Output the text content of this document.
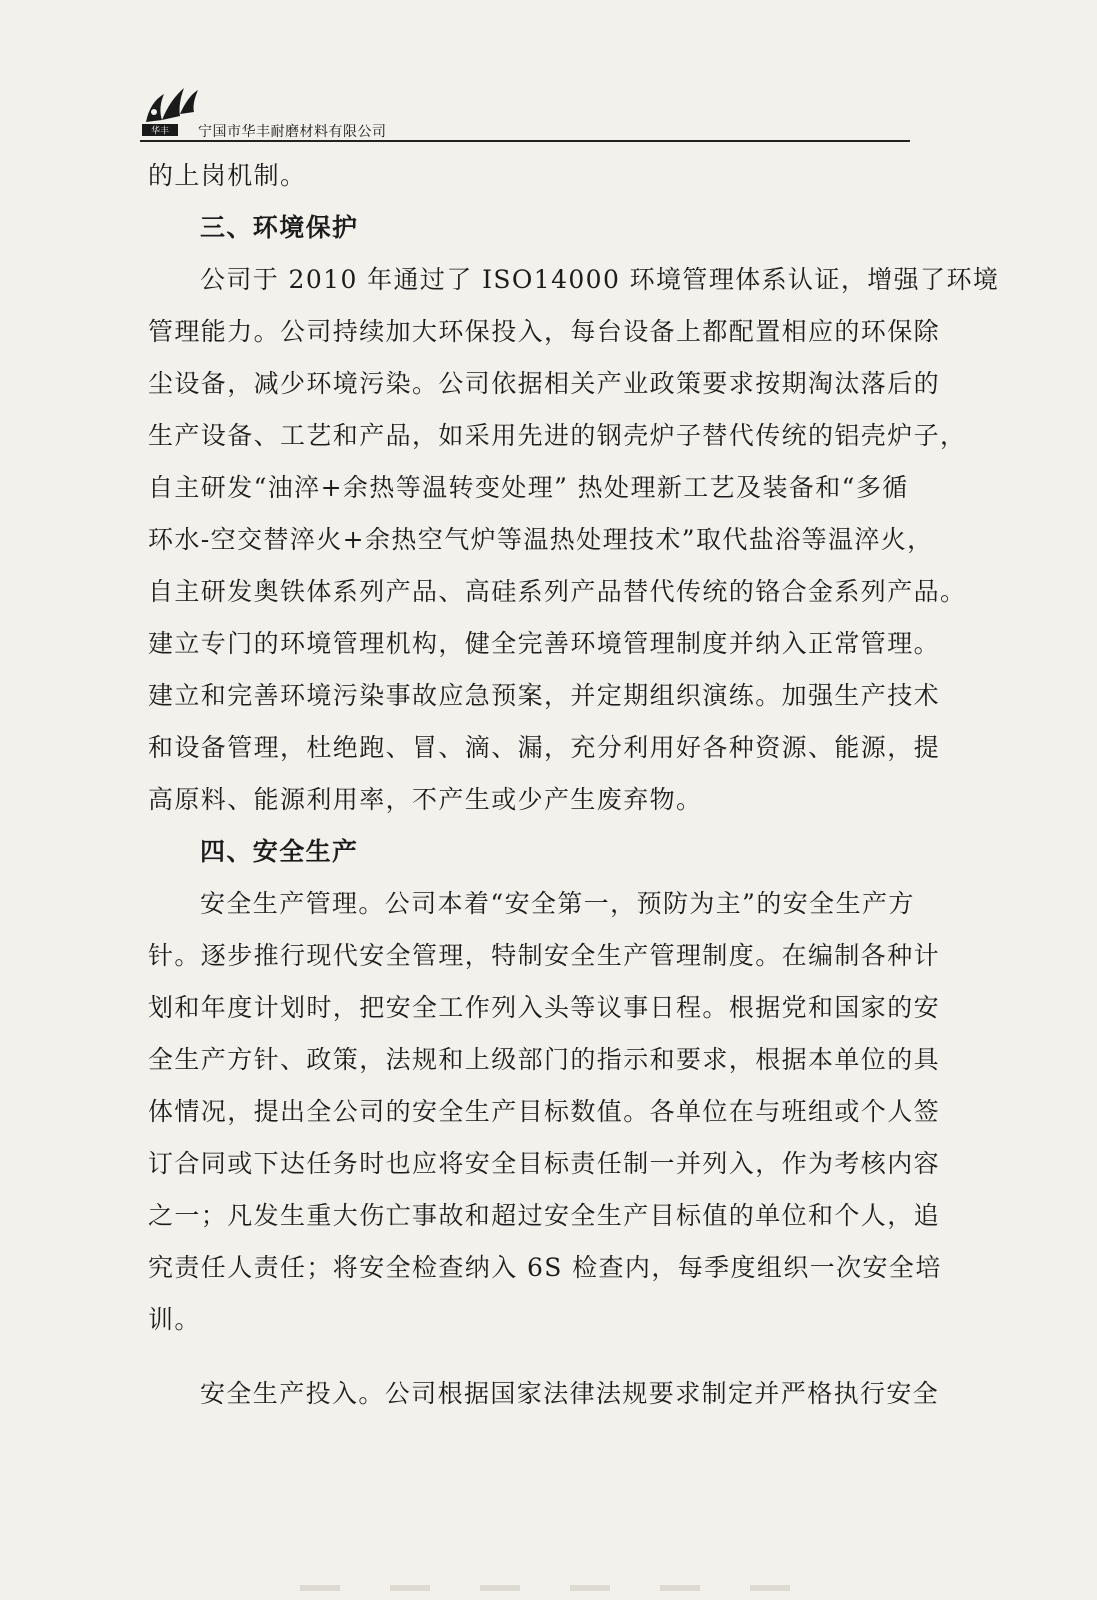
华丰 宁国市华丰耐磨材料有限公司
的上岗机制。
三、环境保护
公司于 2010 年通过了 ISO14000 环境管理体系认证，增强了环境
管理能力。公司持续加大环保投入，每台设备上都配置相应的环保除
尘设备，减少环境污染。公司依据相关产业政策要求按期淘汰落后的
生产设备、工艺和产品，如采用先进的钢壳炉子替代传统的铝壳炉子，
自主研发“油淬+余热等温转变处理” 热处理新工艺及装备和“多循
环水-空交替淬火+余热空气炉等温热处理技术”取代盐浴等温淬火，
自主研发奥铁体系列产品、高硅系列产品替代传统的铬合金系列产品。
建立专门的环境管理机构，健全完善环境管理制度并纳入正常管理。
建立和完善环境污染事故应急预案，并定期组织演练。加强生产技术
和设备管理，杜绝跑、冒、滴、漏，充分利用好各种资源、能源，提
高原料、能源利用率，不产生或少产生废弃物。
四、安全生产
安全生产管理。公司本着“安全第一，预防为主”的安全生产方
针。逐步推行现代安全管理，特制安全生产管理制度。在编制各种计
划和年度计划时，把安全工作列入头等议事日程。根据党和国家的安
全生产方针、政策，法规和上级部门的指示和要求，根据本单位的具
体情况，提出全公司的安全生产目标数值。各单位在与班组或个人签
订合同或下达任务时也应将安全目标责任制一并列入，作为考核内容
之一；凡发生重大伤亡事故和超过安全生产目标值的单位和个人，追
究责任人责任；将安全检查纳入 6S 检查内，每季度组织一次安全培
训。
安全生产投入。公司根据国家法律法规要求制定并严格执行安全
